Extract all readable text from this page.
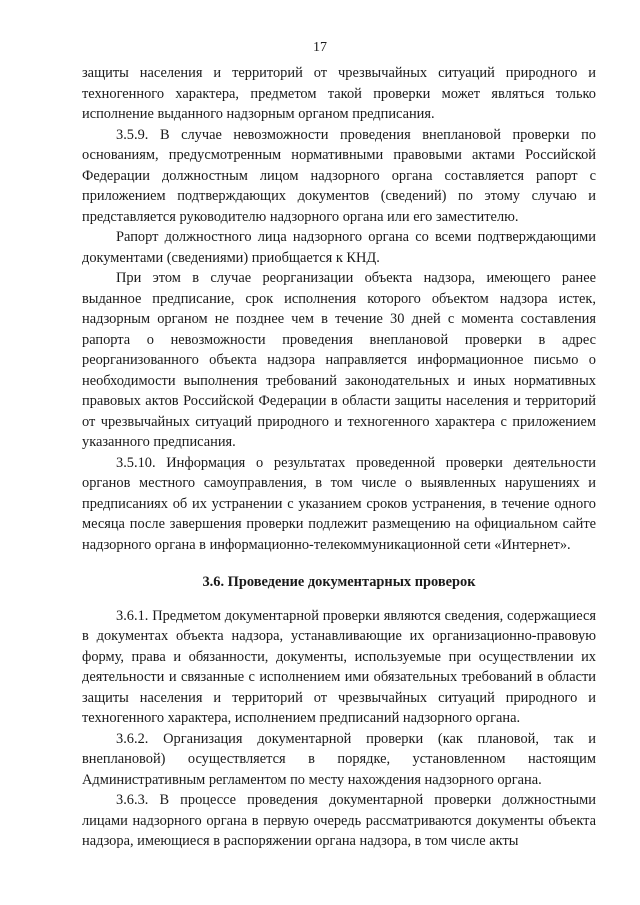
17

защиты населения и территорий от чрезвычайных ситуаций природного и техногенного характера, предметом такой проверки может являться только исполнение выданного надзорным органом предписания.

3.5.9. В случае невозможности проведения внеплановой проверки по основаниям, предусмотренным нормативными правовыми актами Российской Федерации должностным лицом надзорного органа составляется рапорт с приложением подтверждающих документов (сведений) по этому случаю и представляется руководителю надзорного органа или его заместителю.

Рапорт должностного лица надзорного органа со всеми подтверждающими документами (сведениями) приобщается к КНД.

При этом в случае реорганизации объекта надзора, имеющего ранее выданное предписание, срок исполнения которого объектом надзора истек, надзорным органом не позднее чем в течение 30 дней с момента составления рапорта о невозможности проведения внеплановой проверки в адрес реорганизованного объекта надзора направляется информационное письмо о необходимости выполнения требований законодательных и иных нормативных правовых актов Российской Федерации в области защиты населения и территорий от чрезвычайных ситуаций природного и техногенного характера с приложением указанного предписания.

3.5.10. Информация о результатах проведенной проверки деятельности органов местного самоуправления, в том числе о выявленных нарушениях и предписаниях об их устранении с указанием сроков устранения, в течение одного месяца после завершения проверки подлежит размещению на официальном сайте надзорного органа в информационно-телекоммуникационной сети «Интернет».

3.6. Проведение документарных проверок

3.6.1. Предметом документарной проверки являются сведения, содержащиеся в документах объекта надзора, устанавливающие их организационно-правовую форму, права и обязанности, документы, используемые при осуществлении их деятельности и связанные с исполнением ими обязательных требований в области защиты населения и территорий от чрезвычайных ситуаций природного и техногенного характера, исполнением предписаний надзорного органа.

3.6.2. Организация документарной проверки (как плановой, так и внеплановой) осуществляется в порядке, установленном настоящим Административным регламентом по месту нахождения надзорного органа.

3.6.3. В процессе проведения документарной проверки должностными лицами надзорного органа в первую очередь рассматриваются документы объекта надзора, имеющиеся в распоряжении органа надзора, в том числе акты
